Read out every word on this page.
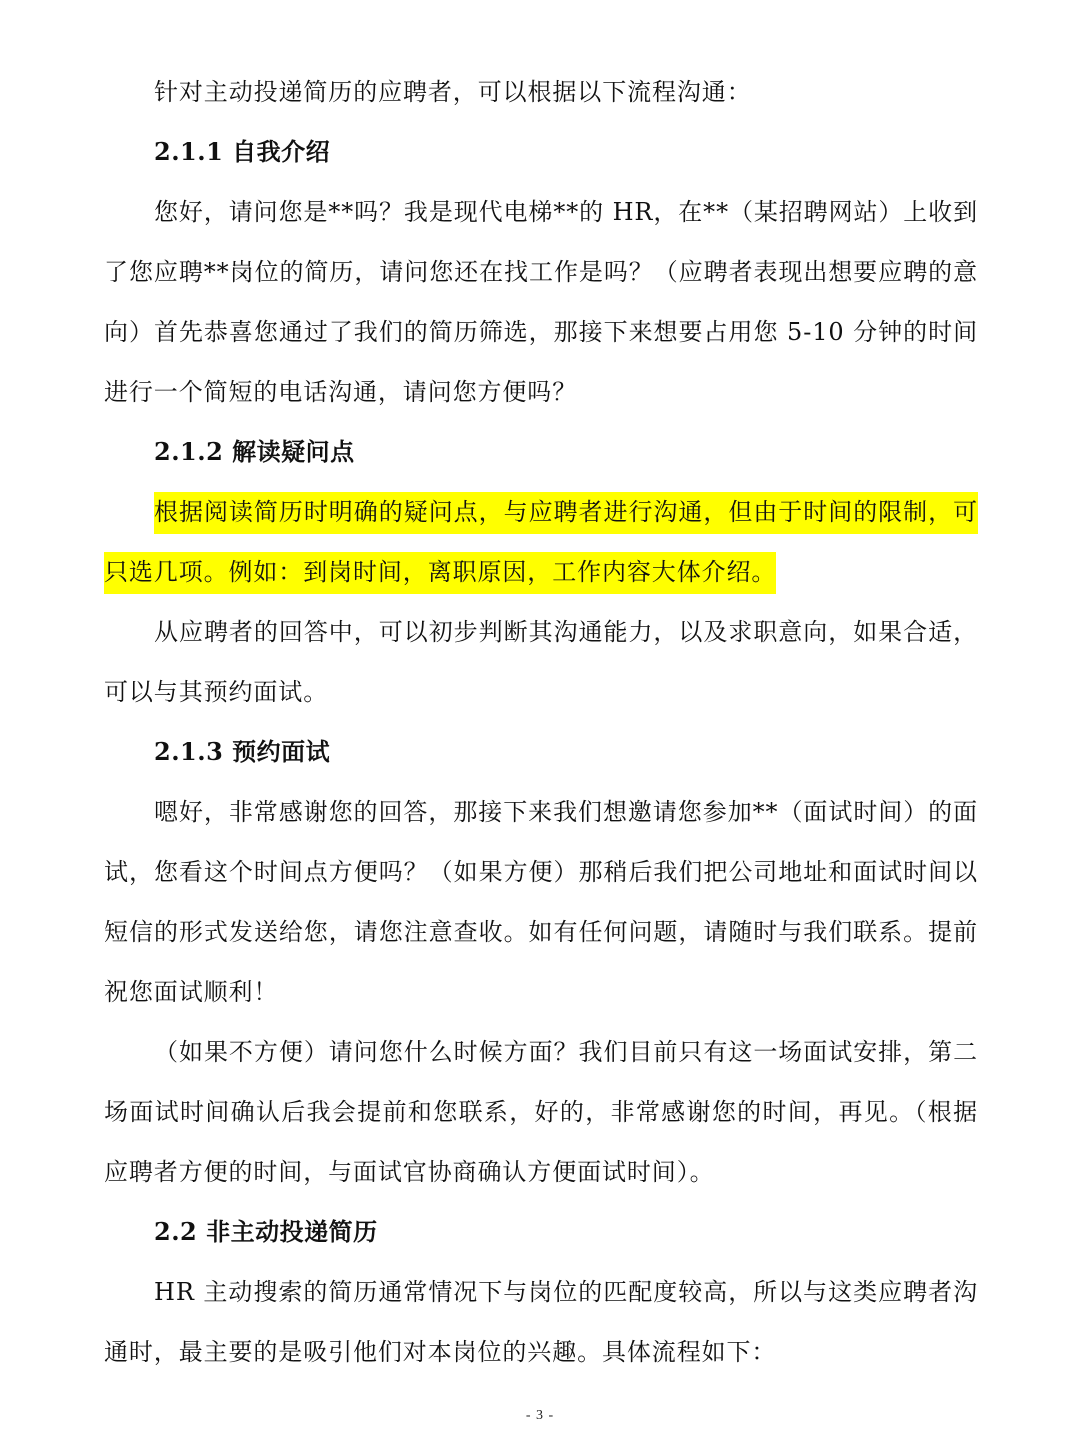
针对主动投递简历的应聘者，可以根据以下流程沟通：

2.1.1 自我介绍

您好，请问您是**吗？我是现代电梯**的 HR，在**（某招聘网站）上收到了您应聘**岗位的简历，请问您还在找工作是吗？（应聘者表现出想要应聘的意向）首先恭喜您通过了我们的简历筛选，那接下来想要占用您 5-10 分钟的时间进行一个简短的电话沟通，请问您方便吗？

2.1.2 解读疑问点

根据阅读简历时明确的疑问点，与应聘者进行沟通，但由于时间的限制，可只选几项。例如：到岗时间，离职原因，工作内容大体介绍。

从应聘者的回答中，可以初步判断其沟通能力，以及求职意向，如果合适，可以与其预约面试。

2.1.3 预约面试

嗯好，非常感谢您的回答，那接下来我们想邀请您参加**（面试时间）的面试，您看这个时间点方便吗？（如果方便）那稍后我们把公司地址和面试时间以短信的形式发送给您，请您注意查收。如有任何问题，请随时与我们联系。提前祝您面试顺利！

（如果不方便）请问您什么时候方面？我们目前只有这一场面试安排，第二场面试时间确认后我会提前和您联系，好的，非常感谢您的时间，再见。（根据应聘者方便的时间，与面试官协商确认方便面试时间）。

2.2 非主动投递简历

HR 主动搜索的简历通常情况下与岗位的匹配度较高，所以与这类应聘者沟通时，最主要的是吸引他们对本岗位的兴趣。具体流程如下：

- 3 -
